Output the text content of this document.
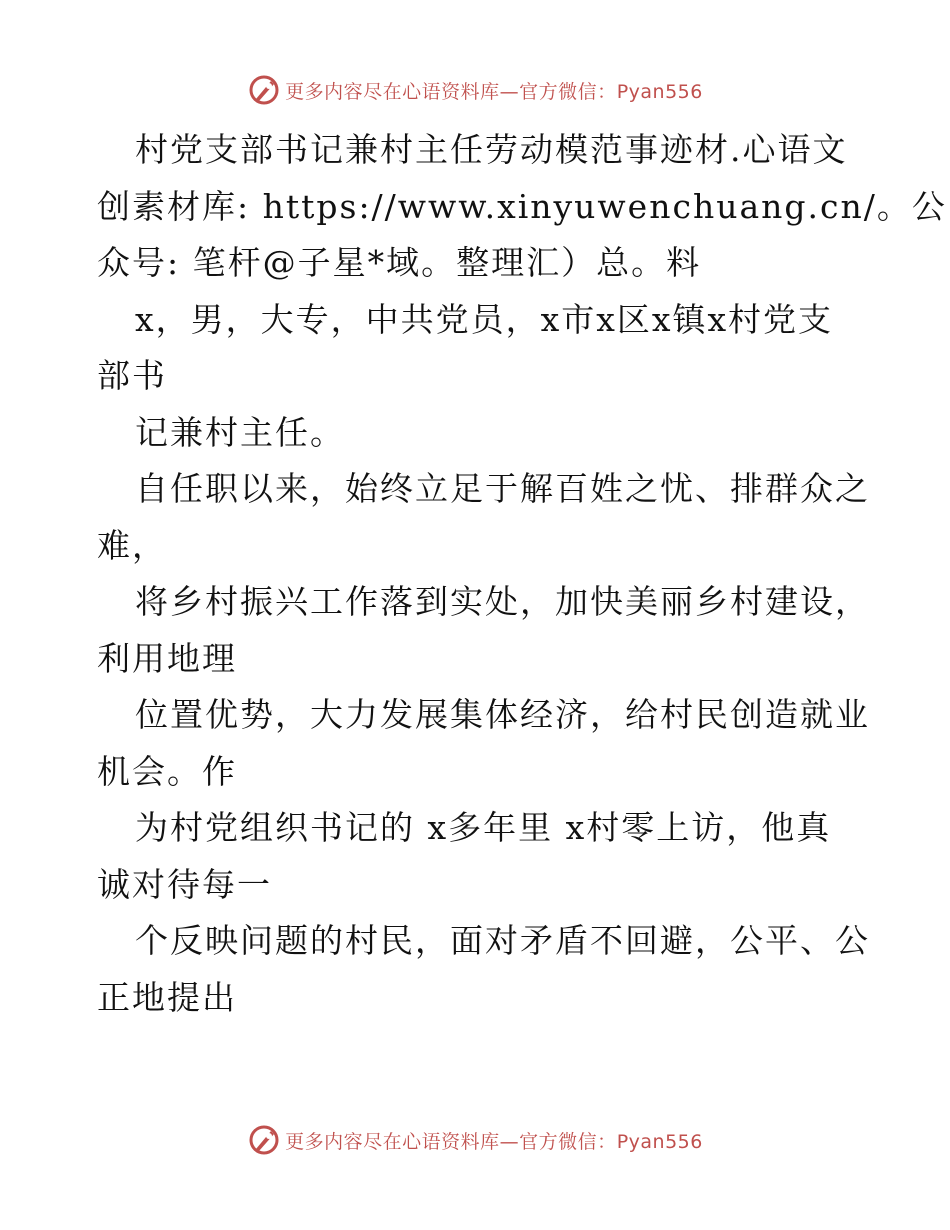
更多内容尽在心语资料库—官方微信：Pyan556
村党支部书记兼村主任劳动模范事迹材.心语文
创素材库: https://www.xinyuwenchuang.cn/。公
众号: 笔杆@子星*域。整理汇）总。料
x，男，大专，中共党员，x市x区x镇x村党支
部书
记兼村主任。
自任职以来，始终立足于解百姓之忧、排群众之
难，
将乡村振兴工作落到实处，加快美丽乡村建设，
利用地理
位置优势，大力发展集体经济，给村民创造就业
机会。作
为村党组织书记的 x多年里 x村零上访，他真
诚对待每一
个反映问题的村民，面对矛盾不回避，公平、公
正地提出
更多内容尽在心语资料库—官方微信：Pyan556
